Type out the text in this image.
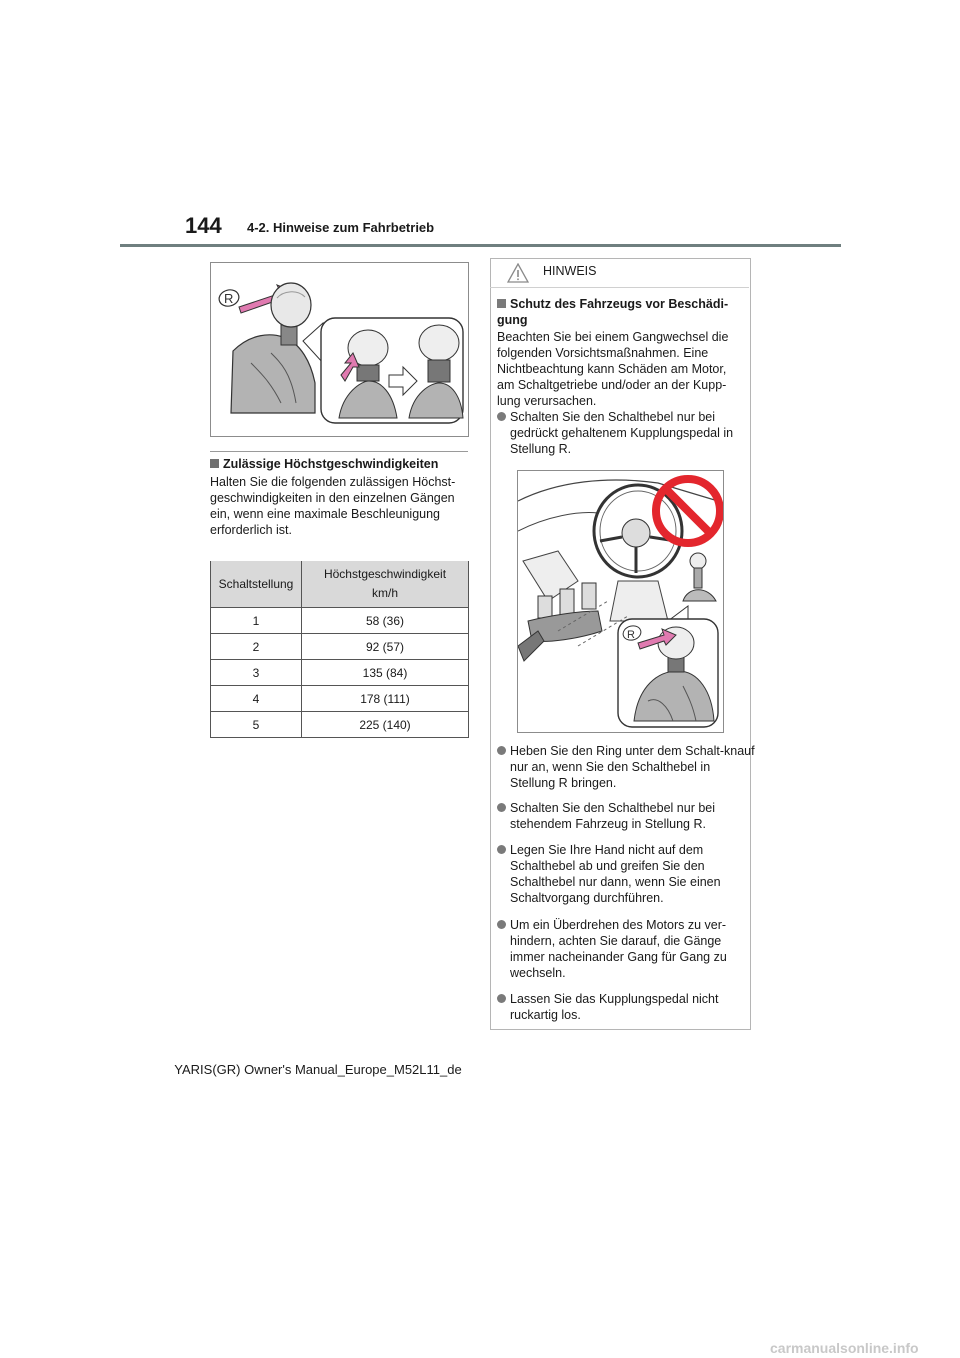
144 4-2. Hinweise zum Fahrbetrieb
R
Zulässige Höchstgeschwindigkeiten
Halten Sie die folgenden zulässigen Höchst-geschwindigkeiten in den einzelnen Gängen ein, wenn eine maximale Beschleunigung erforderlich ist.
Schaltstellung	Höchstgeschwindigkeit
km/h

1	58 (36)
2	92 (57)
3	135 (84)
4	178 (111)
5	225 (140)
HINWEIS
Schutz des Fahrzeugs vor Beschädi-gung
Beachten Sie bei einem Gangwechsel die folgenden Vorsichtsmaßnahmen. Eine Nichtbeachtung kann Schäden am Motor, am Schaltgetriebe und/oder an der Kupp-lung verursachen.
Schalten Sie den Schalthebel nur bei gedrückt gehaltenem Kupplungspedal in Stellung R.
R
Heben Sie den Ring unter dem Schalt-knauf nur an, wenn Sie den Schalthebel in Stellung R bringen.
Schalten Sie den Schalthebel nur bei stehendem Fahrzeug in Stellung R.
Legen Sie Ihre Hand nicht auf dem Schalthebel ab und greifen Sie den Schalthebel nur dann, wenn Sie einen Schaltvorgang durchführen.
Um ein Überdrehen des Motors zu ver-hindern, achten Sie darauf, die Gänge immer nacheinander Gang für Gang zu wechseln.
Lassen Sie das Kupplungspedal nicht ruckartig los.
YARIS(GR) Owner's Manual_Europe_M52L11_de
carmanualsonline.info
